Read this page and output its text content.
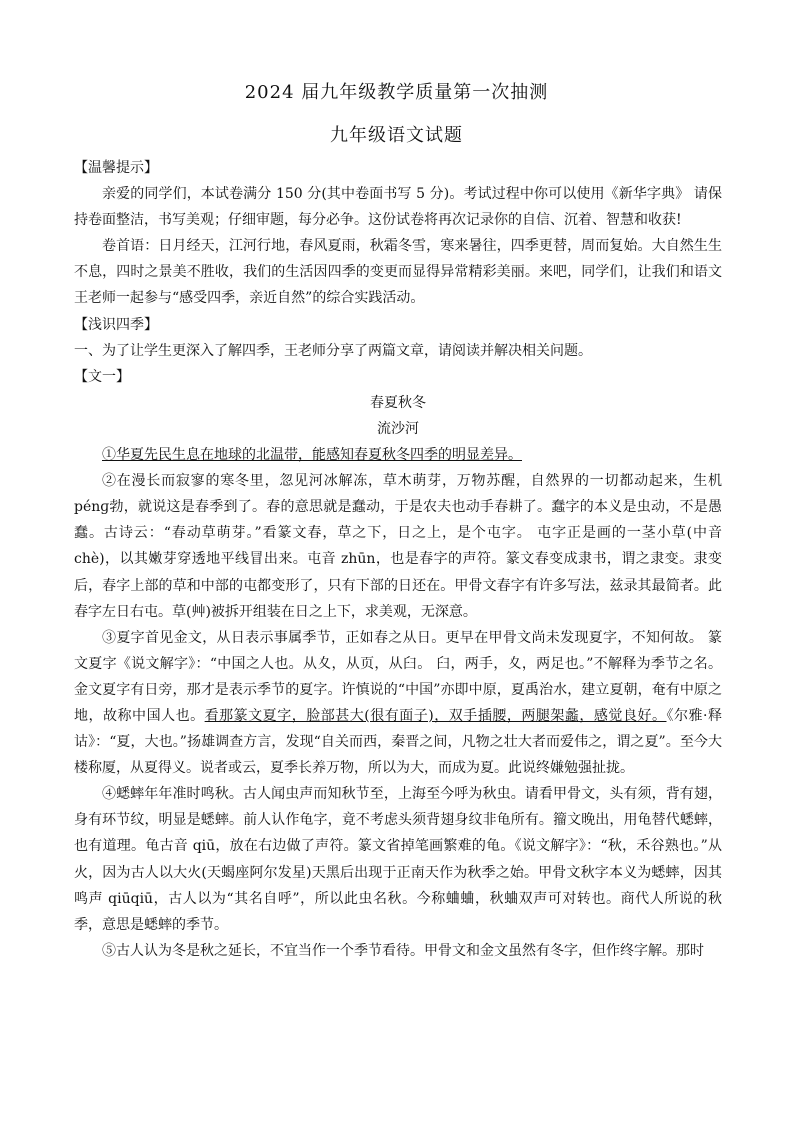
2024 届九年级教学质量第一次抽测
九年级语文试题

【温馨提示】

亲爱的同学们，本试卷满分 150 分(其中卷面书写 5 分)。考试过程中你可以使用《新华字典》 请保持卷面整洁，书写美观；仔细审题，每分必争。这份试卷将再次记录你的自信、沉着、智慧和收获!

卷首语：日月经天，江河行地，春风夏雨，秋霜冬雪，寒来暑往，四季更替，周而复始。大自然生生不息，四时之景美不胜收，我们的生活因四季的变更而显得异常精彩美丽。来吧，同学们，让我们和语文王老师一起参与“感受四季，亲近自然”的综合实践活动。

【浅识四季】

一、为了让学生更深入了解四季，王老师分享了两篇文章，请阅读并解决相关问题。

【文一】

春夏秋冬

流沙河

①华夏先民生息在地球的北温带，能感知春夏秋冬四季的明显差异。

②在漫长而寂寥的寒冬里，忽见河冰解冻，草木萌芽，万物苏醒，自然界的一切都动起来，生机 pénɡ勃，就说这是春季到了。春的意思就是蠢动，于是农夫也动手春耕了。蠢字的本义是虫动，不是愚蠢。古诗云：“春动草萌芽。”看篆文春，草之下，日之上，是个屯字。 屯字正是画的一茎小草(中音chè)，以其嫩芽穿透地平线冒出来。屯音 zhūn，也是春字的声符。篆文春变成隶书，谓之隶变。隶变后，春字上部的草和中部的屯都变形了，只有下部的日还在。甲骨文春字有许多写法，兹录其最简者。此春字左日右屯。草(艸)被拆开组装在日之上下，求美观，无深意。

③夏字首见金文，从日表示事属季节，正如春之从日。更早在甲骨文尚未发现夏字，不知何故。 篆文夏字《说文解字》：“中国之人也。从夊，从页，从臼。 臼，两手，夊，两足也。”不解释为季节之名。金文夏字有日旁，那才是表示季节的夏字。许慎说的“中国”亦即中原，夏禹治水，建立夏朝，奄有中原之地，故称中国人也。看那篆文夏字，脸部甚大(很有面子)，双手插腰，两腿架蠡，感觉良好。《尔雅·释诂》：“夏，大也。”扬雄调查方言，发现“自关而西，秦晋之间，凡物之壮大者而爱伟之，谓之夏”。至今大楼称厦，从夏得义。说者或云，夏季长养万物，所以为大，而成为夏。此说终嫌勉强扯拢。

④蟋蟀年年准时鸣秋。古人闻虫声而知秋节至，上海至今呼为秋虫。请看甲骨文，头有须，背有翅，身有环节纹，明显是蟋蟀。前人认作龟字，竟不考虑头须背翅身纹非龟所有。籀文晚出，用龟替代蟋蟀，也有道理。龟古音 qiū，放在右边做了声符。篆文省掉笔画繁难的龟。《说文解字》：“秋，禾谷熟也。”从火，因为古人以大火(天蝎座阿尔发星)天黑后出现于正南天作为秋季之始。甲骨文秋字本义为蟋蟀，因其鸣声 qiūqiū，古人以为“其名自呼”，所以此虫名秋。今称蛐蛐，秋蛐双声可对转也。商代人所说的秋季，意思是蟋蟀的季节。

⑤古人认为冬是秋之延长，不宜当作一个季节看待。甲骨文和金文虽然有冬字，但作终字解。那时
